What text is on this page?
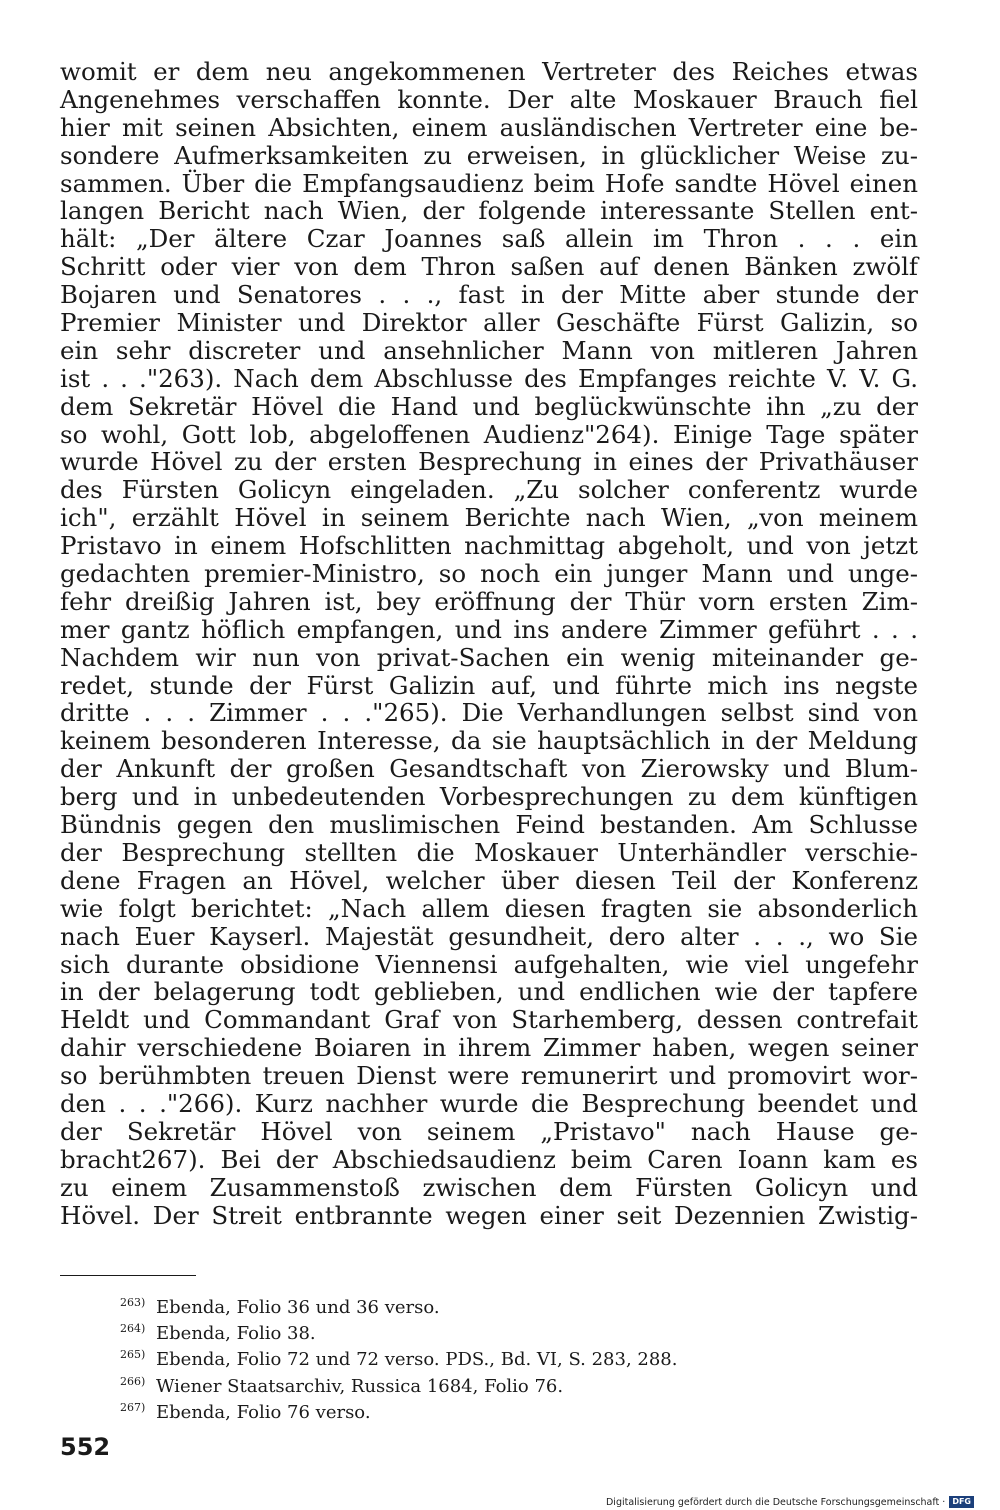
womit er dem neu angekommenen Vertreter des Reiches etwas
Angenehmes verschaffen konnte. Der alte Moskauer Brauch fiel
hier mit seinen Absichten, einem ausländischen Vertreter eine be-
sondere Aufmerksamkeiten zu erweisen, in glücklicher Weise zu-
sammen. Über die Empfangsaudienz beim Hofe sandte Hövel einen
langen Bericht nach Wien, der folgende interessante Stellen ent-
hält: „Der ältere Czar Joannes saß allein im Thron . . . ein
Schritt oder vier von dem Thron saßen auf denen Bänken zwölf
Bojaren und Senatores . . ., fast in der Mitte aber stunde der
Premier Minister und Direktor aller Geschäfte Fürst Galizin, so
ein sehr discreter und ansehnlicher Mann von mitleren Jahren
ist . . ."263). Nach dem Abschlusse des Empfanges reichte V. V. G.
dem Sekretär Hövel die Hand und beglückwünschte ihn „zu der
so wohl, Gott lob, abgeloffenen Audienz"264). Einige Tage später
wurde Hövel zu der ersten Besprechung in eines der Privathäuser
des Fürsten Golicyn eingeladen. „Zu solcher conferentz wurde
ich", erzählt Hövel in seinem Berichte nach Wien, „von meinem
Pristavo in einem Hofschlitten nachmittag abgeholt, und von jetzt
gedachten premier-Ministro, so noch ein junger Mann und unge-
fehr dreißig Jahren ist, bey eröffnung der Thür vorn ersten Zim-
mer gantz höflich empfangen, und ins andere Zimmer geführt . . .
Nachdem wir nun von privat-Sachen ein wenig miteinander ge-
redet, stunde der Fürst Galizin auf, und führte mich ins negste
dritte . . . Zimmer . . ."265). Die Verhandlungen selbst sind von
keinem besonderen Interesse, da sie hauptsächlich in der Meldung
der Ankunft der großen Gesandtschaft von Zierowsky und Blum-
berg und in unbedeutenden Vorbesprechungen zu dem künftigen
Bündnis gegen den muslimischen Feind bestanden. Am Schlusse
der Besprechung stellten die Moskauer Unterhändler verschie-
dene Fragen an Hövel, welcher über diesen Teil der Konferenz
wie folgt berichtet: „Nach allem diesen fragten sie absonderlich
nach Euer Kayserl. Majestät gesundheit, dero alter . . ., wo Sie
sich durante obsidione Viennensi aufgehalten, wie viel ungefehr
in der belagerung todt geblieben, und endlichen wie der tapfere
Heldt und Commandant Graf von Starhemberg, dessen contrefait
dahir verschiedene Boiaren in ihrem Zimmer haben, wegen seiner
so berühmbten treuen Dienst were remunerirt und promovirt wor-
den . . ."266). Kurz nachher wurde die Besprechung beendet und
der Sekretär Hövel von seinem „Pristavo" nach Hause ge-
bracht267). Bei der Abschiedsaudienz beim Caren Ioann kam es
zu einem Zusammenstoß zwischen dem Fürsten Golicyn und
Hövel. Der Streit entbrannte wegen einer seit Dezennien Zwistig-
263) Ebenda, Folio 36 und 36 verso.
264) Ebenda, Folio 38.
265) Ebenda, Folio 72 und 72 verso. PDS., Bd. VI, S. 283, 288.
266) Wiener Staatsarchiv, Russica 1684, Folio 76.
267) Ebenda, Folio 76 verso.
552
Digitalisierung gefördert durch die Deutsche Forschungsgemeinschaft · DFG
